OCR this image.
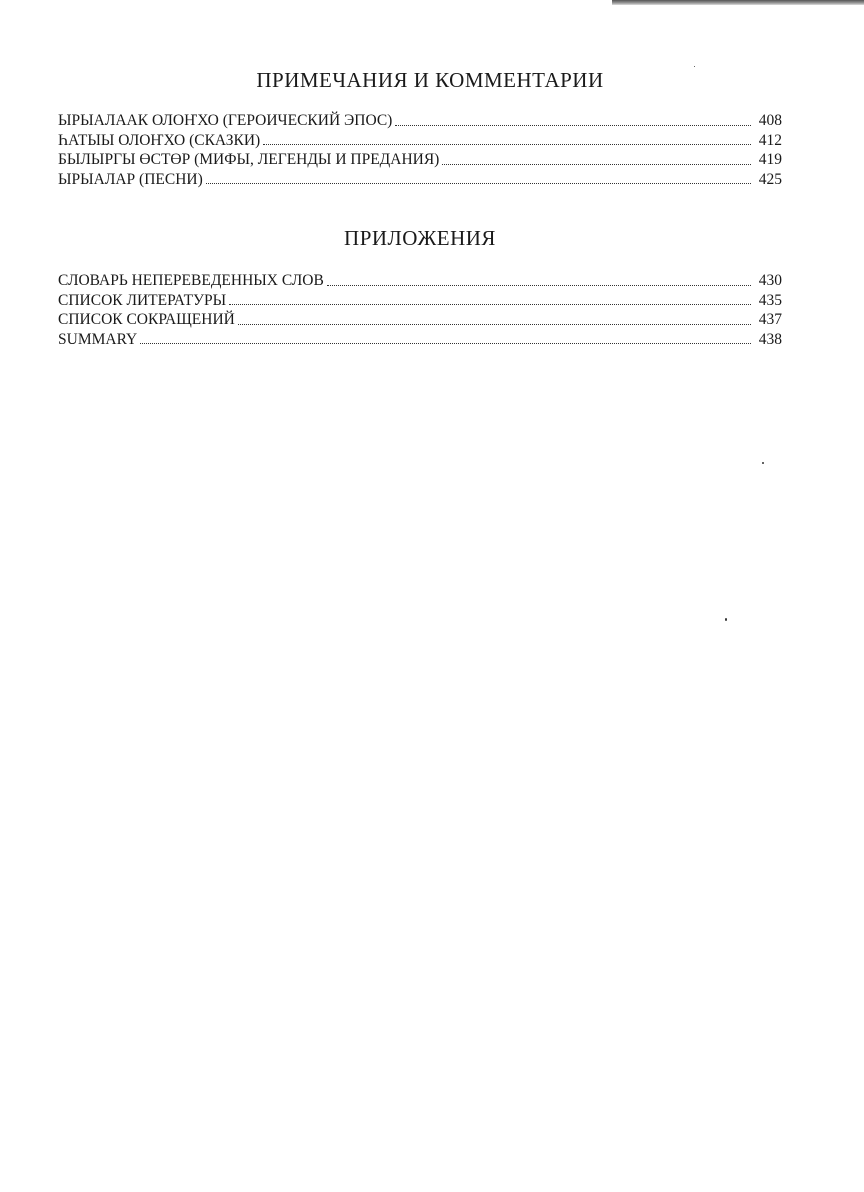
ПРИМЕЧАНИЯ И КОММЕНТАРИИ
ЫРЫАЛААК ОЛОҤХО (ГЕРОИЧЕСКИЙ ЭПОС)	408
ҺАТЫЫ ОЛОҤХО (СКАЗКИ)	412
БЫЛЫРГЫ ӨСТӨР (МИФЫ, ЛЕГЕНДЫ И ПРЕДАНИЯ)	419
ЫРЫАЛАР (ПЕСНИ)	425
ПРИЛОЖЕНИЯ
СЛОВАРЬ НЕПЕРЕВЕДЕННЫХ СЛОВ	430
СПИСОК ЛИТЕРАТУРЫ	435
СПИСОК СОКРАЩЕНИЙ	437
SUMMARY	438
